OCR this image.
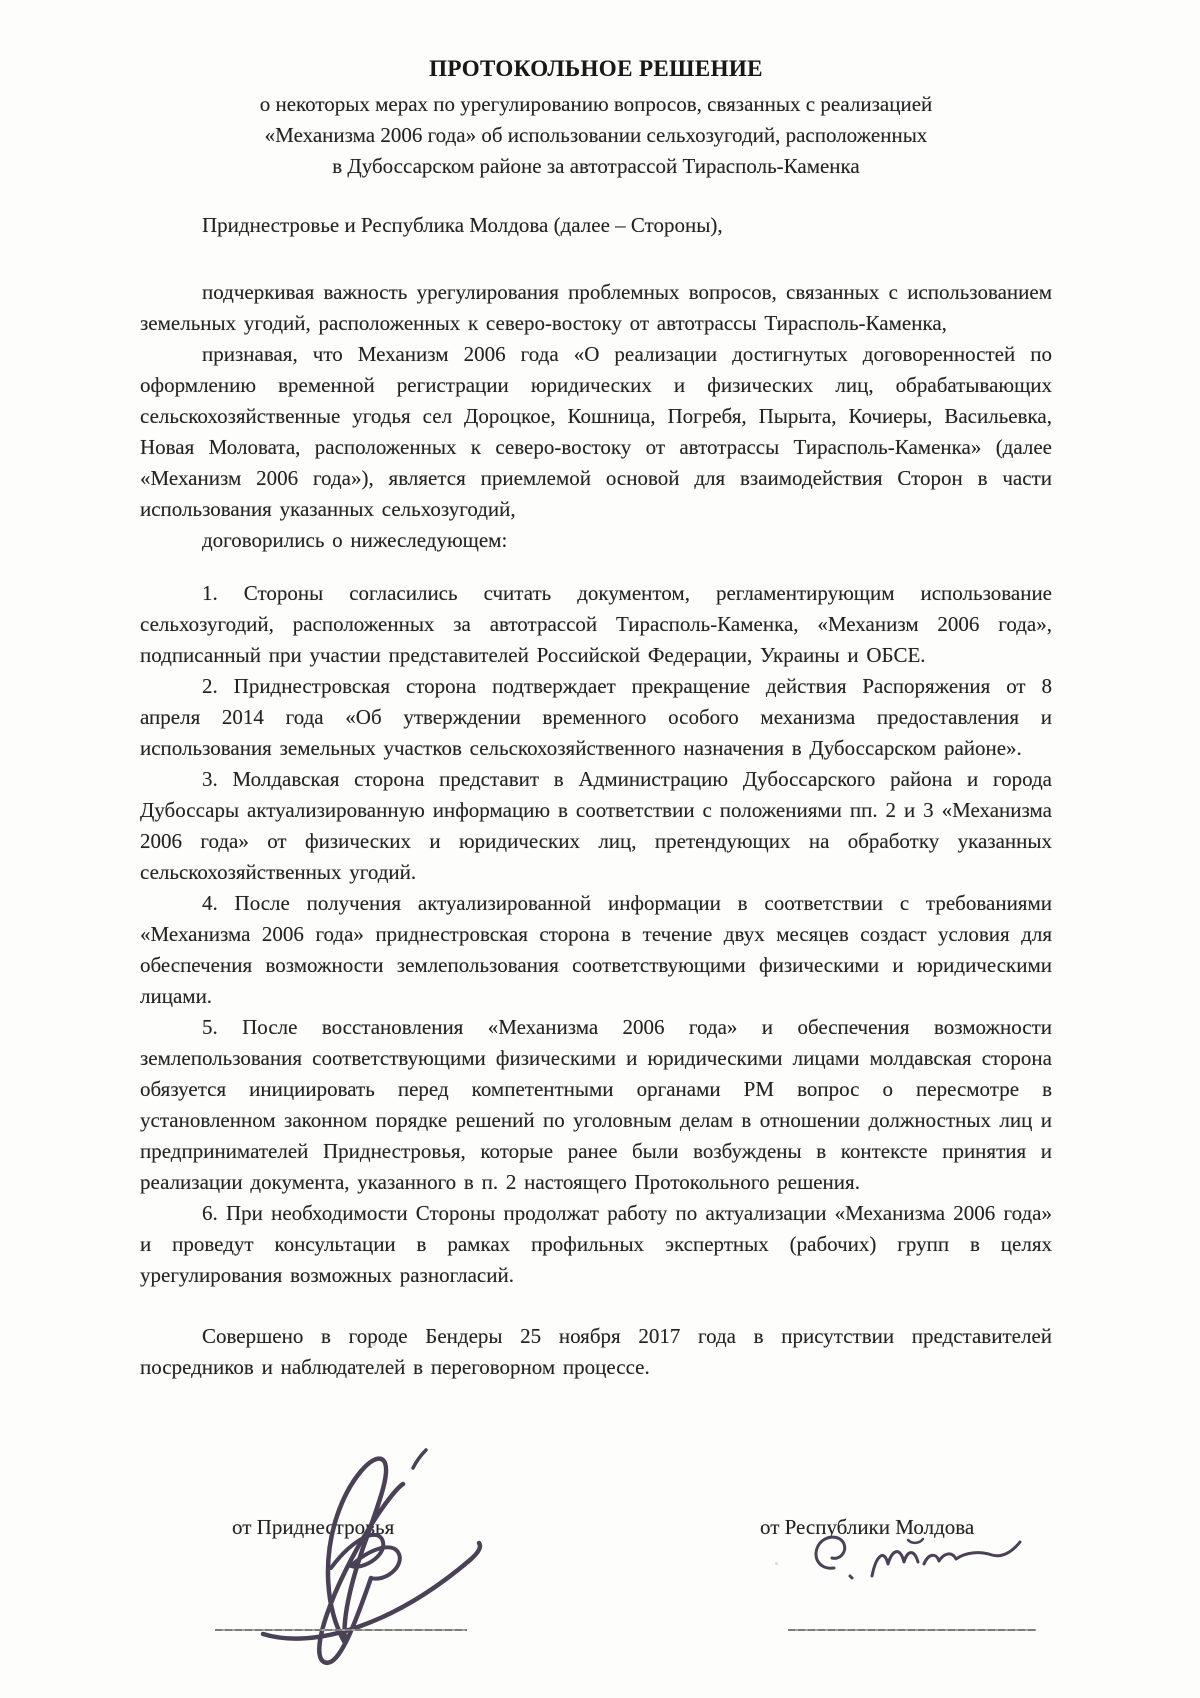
ПРОТОКОЛЬНОЕ РЕШЕНИЕ
о некоторых мерах по урегулированию вопросов, связанных с реализацией
«Механизма 2006 года» об использовании сельхозугодий, расположенных
в Дубоссарском районе за автотрассой Тирасполь-Каменка

Приднестровье и Республика Молдова (далее – Стороны),

подчеркивая важность урегулирования проблемных вопросов, связанных с использованием земельных угодий, расположенных к северо-востоку от автотрассы Тирасполь-Каменка,

признавая, что Механизм 2006 года «О реализации достигнутых договоренностей по оформлению временной регистрации юридических и физических лиц, обрабатывающих сельскохозяйственные угодья сел Дороцкое, Кошница, Погребя, Пырыта, Кочиеры, Васильевка, Новая Моловата, расположенных к северо-востоку от автотрассы Тирасполь-Каменка» (далее «Механизм 2006 года»), является приемлемой основой для взаимодействия Сторон в части использования указанных сельхозугодий,

договорились о нижеследующем:

1. Стороны согласились считать документом, регламентирующим использование сельхозугодий, расположенных за автотрассой Тирасполь-Каменка, «Механизм 2006 года», подписанный при участии представителей Российской Федерации, Украины и ОБСЕ.

2. Приднестровская сторона подтверждает прекращение действия Распоряжения от 8 апреля 2014 года «Об утверждении временного особого механизма предоставления и использования земельных участков сельскохозяйственного назначения в Дубоссарском районе».

3. Молдавская сторона представит в Администрацию Дубоссарского района и города Дубоссары актуализированную информацию в соответствии с положениями пп. 2 и 3 «Механизма 2006 года» от физических и юридических лиц, претендующих на обработку указанных сельскохозяйственных угодий.

4. После получения актуализированной информации в соответствии с требованиями «Механизма 2006 года» приднестровская сторона в течение двух месяцев создаст условия для обеспечения возможности землепользования соответствующими физическими и юридическими лицами.

5. После восстановления «Механизма 2006 года» и обеспечения возможности землепользования соответствующими физическими и юридическими лицами молдавская сторона обязуется инициировать перед компетентными органами РМ вопрос о пересмотре в установленном законном порядке решений по уголовным делам в отношении должностных лиц и предпринимателей Приднестровья, которые ранее были возбуждены в контексте принятия и реализации документа, указанного в п. 2 настоящего Протокольного решения.

6. При необходимости Стороны продолжат работу по актуализации «Механизма 2006 года» и проведут консультации в рамках профильных экспертных (рабочих) групп в целях урегулирования возможных разногласий.

Совершено в городе Бендеры 25 ноября 2017 года в присутствии представителей посредников и наблюдателей в переговорном процессе.

от Приднестровья	от Республики Молдова
